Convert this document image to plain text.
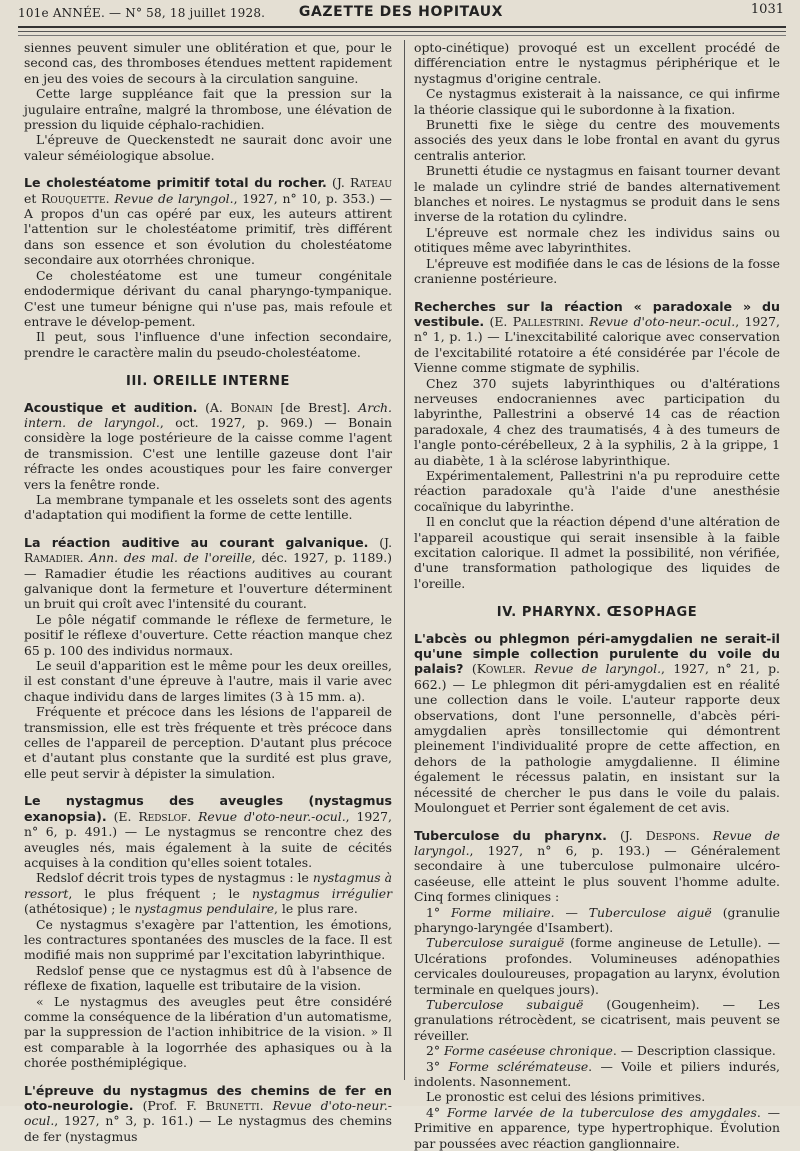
101e ANNÉE. — N° 58, 18 juillet 1928.	GAZETTE DES HOPITAUX	1031

siennes peuvent simuler une oblitération et que, pour le second cas, des thromboses étendues mettent rapidement en jeu des voies de secours à la circulation sanguine.

Cette large suppléance fait que la pression sur la jugulaire entraîne, malgré la thrombose, une élévation de pression du liquide céphalo-rachidien.

L'épreuve de Queckenstedt ne saurait donc avoir une valeur séméiologique absolue.

Le cholestéatome primitif total du rocher. (J. Rateau et Rouquette. Revue de laryngol., 1927, n° 10, p. 353.) — A propos d'un cas opéré par eux, les auteurs attirent l'attention sur le cholestéatome primitif, très différent dans son essence et son évolution du cholestéatome secondaire aux otorrhées chronique.

Ce cholestéatome est une tumeur congénitale endodermique dérivant du canal pharyngo-tympanique. C'est une tumeur bénigne qui n'use pas, mais refoule et entrave le dévelop-pement.

Il peut, sous l'influence d'une infection secondaire, prendre le caractère malin du pseudo-cholestéatome.

III. OREILLE INTERNE

Acoustique et audition. (A. Bonain [de Brest]. Arch. intern. de laryngol., oct. 1927, p. 969.) — Bonain considère la loge postérieure de la caisse comme l'agent de transmission. C'est une lentille gazeuse dont l'air réfracte les ondes acoustiques pour les faire converger vers la fenêtre ronde.

La membrane tympanale et les osselets sont des agents d'adaptation qui modifient la forme de cette lentille.

La réaction auditive au courant galvanique. (J. Ramadier. Ann. des mal. de l'oreille, déc. 1927, p. 1189.) — Ramadier étudie les réactions auditives au courant galvanique dont la fermeture et l'ouverture déterminent un bruit qui croît avec l'intensité du courant.

Le pôle négatif commande le réflexe de fermeture, le positif le réflexe d'ouverture. Cette réaction manque chez 65 p. 100 des individus normaux.

Le seuil d'apparition est le même pour les deux oreilles, il est constant d'une épreuve à l'autre, mais il varie avec chaque individu dans de larges limites (3 à 15 mm. a).

Fréquente et précoce dans les lésions de l'appareil de transmission, elle est très fréquente et très précoce dans celles de l'appareil de perception. D'autant plus précoce et d'autant plus constante que la surdité est plus grave, elle peut servir à dépister la simulation.

Le nystagmus des aveugles (nystagmus exanopsia). (E. Redslof. Revue d'oto-neur.-ocul., 1927, n° 6, p. 491.) — Le nystagmus se rencontre chez des aveugles nés, mais également à la suite de cécités acquises à la condition qu'elles soient totales.

Redslof décrit trois types de nystagmus : le nystagmus à ressort, le plus fréquent ; le nystagmus irrégulier (athétosique) ; le nystagmus pendulaire, le plus rare.

Ce nystagmus s'exagère par l'attention, les émotions, les contractures spontanées des muscles de la face. Il est modifié mais non supprimé par l'excitation labyrinthique.

Redslof pense que ce nystagmus est dû à l'absence de réflexe de fixation, laquelle est tributaire de la vision.

« Le nystagmus des aveugles peut être considéré comme la conséquence de la libération d'un automatisme, par la suppression de l'action inhibitrice de la vision. » Il est comparable à la logorrhée des aphasiques ou à la chorée posthémiplégique.

L'épreuve du nystagmus des chemins de fer en oto-neurologie. (Prof. F. Brunetti. Revue d'oto-neur.-ocul., 1927, n° 3, p. 161.) — Le nystagmus des chemins de fer (nystagmus

opto-cinétique) provoqué est un excellent procédé de différenciation entre le nystagmus périphérique et le nystagmus d'origine centrale.

Ce nystagmus existerait à la naissance, ce qui infirme la théorie classique qui le subordonne à la fixation.

Brunetti fixe le siège du centre des mouvements associés des yeux dans le lobe frontal en avant du gyrus centralis anterior.

Brunetti étudie ce nystagmus en faisant tourner devant le malade un cylindre strié de bandes alternativement blanches et noires. Le nystagmus se produit dans le sens inverse de la rotation du cylindre.

L'épreuve est normale chez les individus sains ou otitiques même avec labyrinthites.

L'épreuve est modifiée dans le cas de lésions de la fosse cranienne postérieure.

Recherches sur la réaction « paradoxale » du vestibule. (E. Pallestrini. Revue d'oto-neur.-ocul., 1927, n° 1, p. 1.) — L'inexcitabilité calorique avec conservation de l'excitabilité rotatoire a été considérée par l'école de Vienne comme stigmate de syphilis.

Chez 370 sujets labyrinthiques ou d'altérations nerveuses endocraniennes avec participation du labyrinthe, Pallestrini a observé 14 cas de réaction paradoxale, 4 chez des traumatisés, 4 à des tumeurs de l'angle ponto-cérébelleux, 2 à la syphilis, 2 à la grippe, 1 au diabète, 1 à la sclérose labyrinthique.

Expérimentalement, Pallestrini n'a pu reproduire cette réaction paradoxale qu'à l'aide d'une anesthésie cocaïnique du labyrinthe.

Il en conclut que la réaction dépend d'une altération de l'appareil acoustique qui serait insensible à la faible excitation calorique. Il admet la possibilité, non vérifiée, d'une transformation pathologique des liquides de l'oreille.

IV. PHARYNX. ŒSOPHAGE

L'abcès ou phlegmon péri-amygdalien ne serait-il qu'une simple collection purulente du voile du palais? (Kowler. Revue de laryngol., 1927, n° 21, p. 662.) — Le phlegmon dit péri-amygdalien est en réalité une collection dans le voile. L'auteur rapporte deux observations, dont l'une personnelle, d'abcès péri-amygdalien après tonsillectomie qui démontrent pleinement l'individualité propre de cette affection, en dehors de la pathologie amygdalienne. Il élimine également le récessus palatin, en insistant sur la nécessité de chercher le pus dans le voile du palais. Moulonguet et Perrier sont également de cet avis.

Tuberculose du pharynx. (J. Despons. Revue de laryngol., 1927, n° 6, p. 193.) — Généralement secondaire à une tuberculose pulmonaire ulcéro-caséeuse, elle atteint le plus souvent l'homme adulte. Cinq formes cliniques :

1° Forme miliaire. — Tuberculose aiguë (granulie pharyngo-laryngée d'Isambert).

Tuberculose suraiguë (forme angineuse de Letulle). — Ulcérations profondes. Volumineuses adénopathies cervicales douloureuses, propagation au larynx, évolution terminale en quelques jours).

Tuberculose subaiguë (Gougenheim). — Les granulations rétrocèdent, se cicatrisent, mais peuvent se réveiller.

2° Forme caséeuse chronique. — Description classique.

3° Forme sclérémateuse. — Voile et piliers indurés, indolents. Nasonnement.

Le pronostic est celui des lésions primitives.

4° Forme larvée de la tuberculose des amygdales. — Primitive en apparence, type hypertrophique. Évolution par poussées avec réaction ganglionnaire.
